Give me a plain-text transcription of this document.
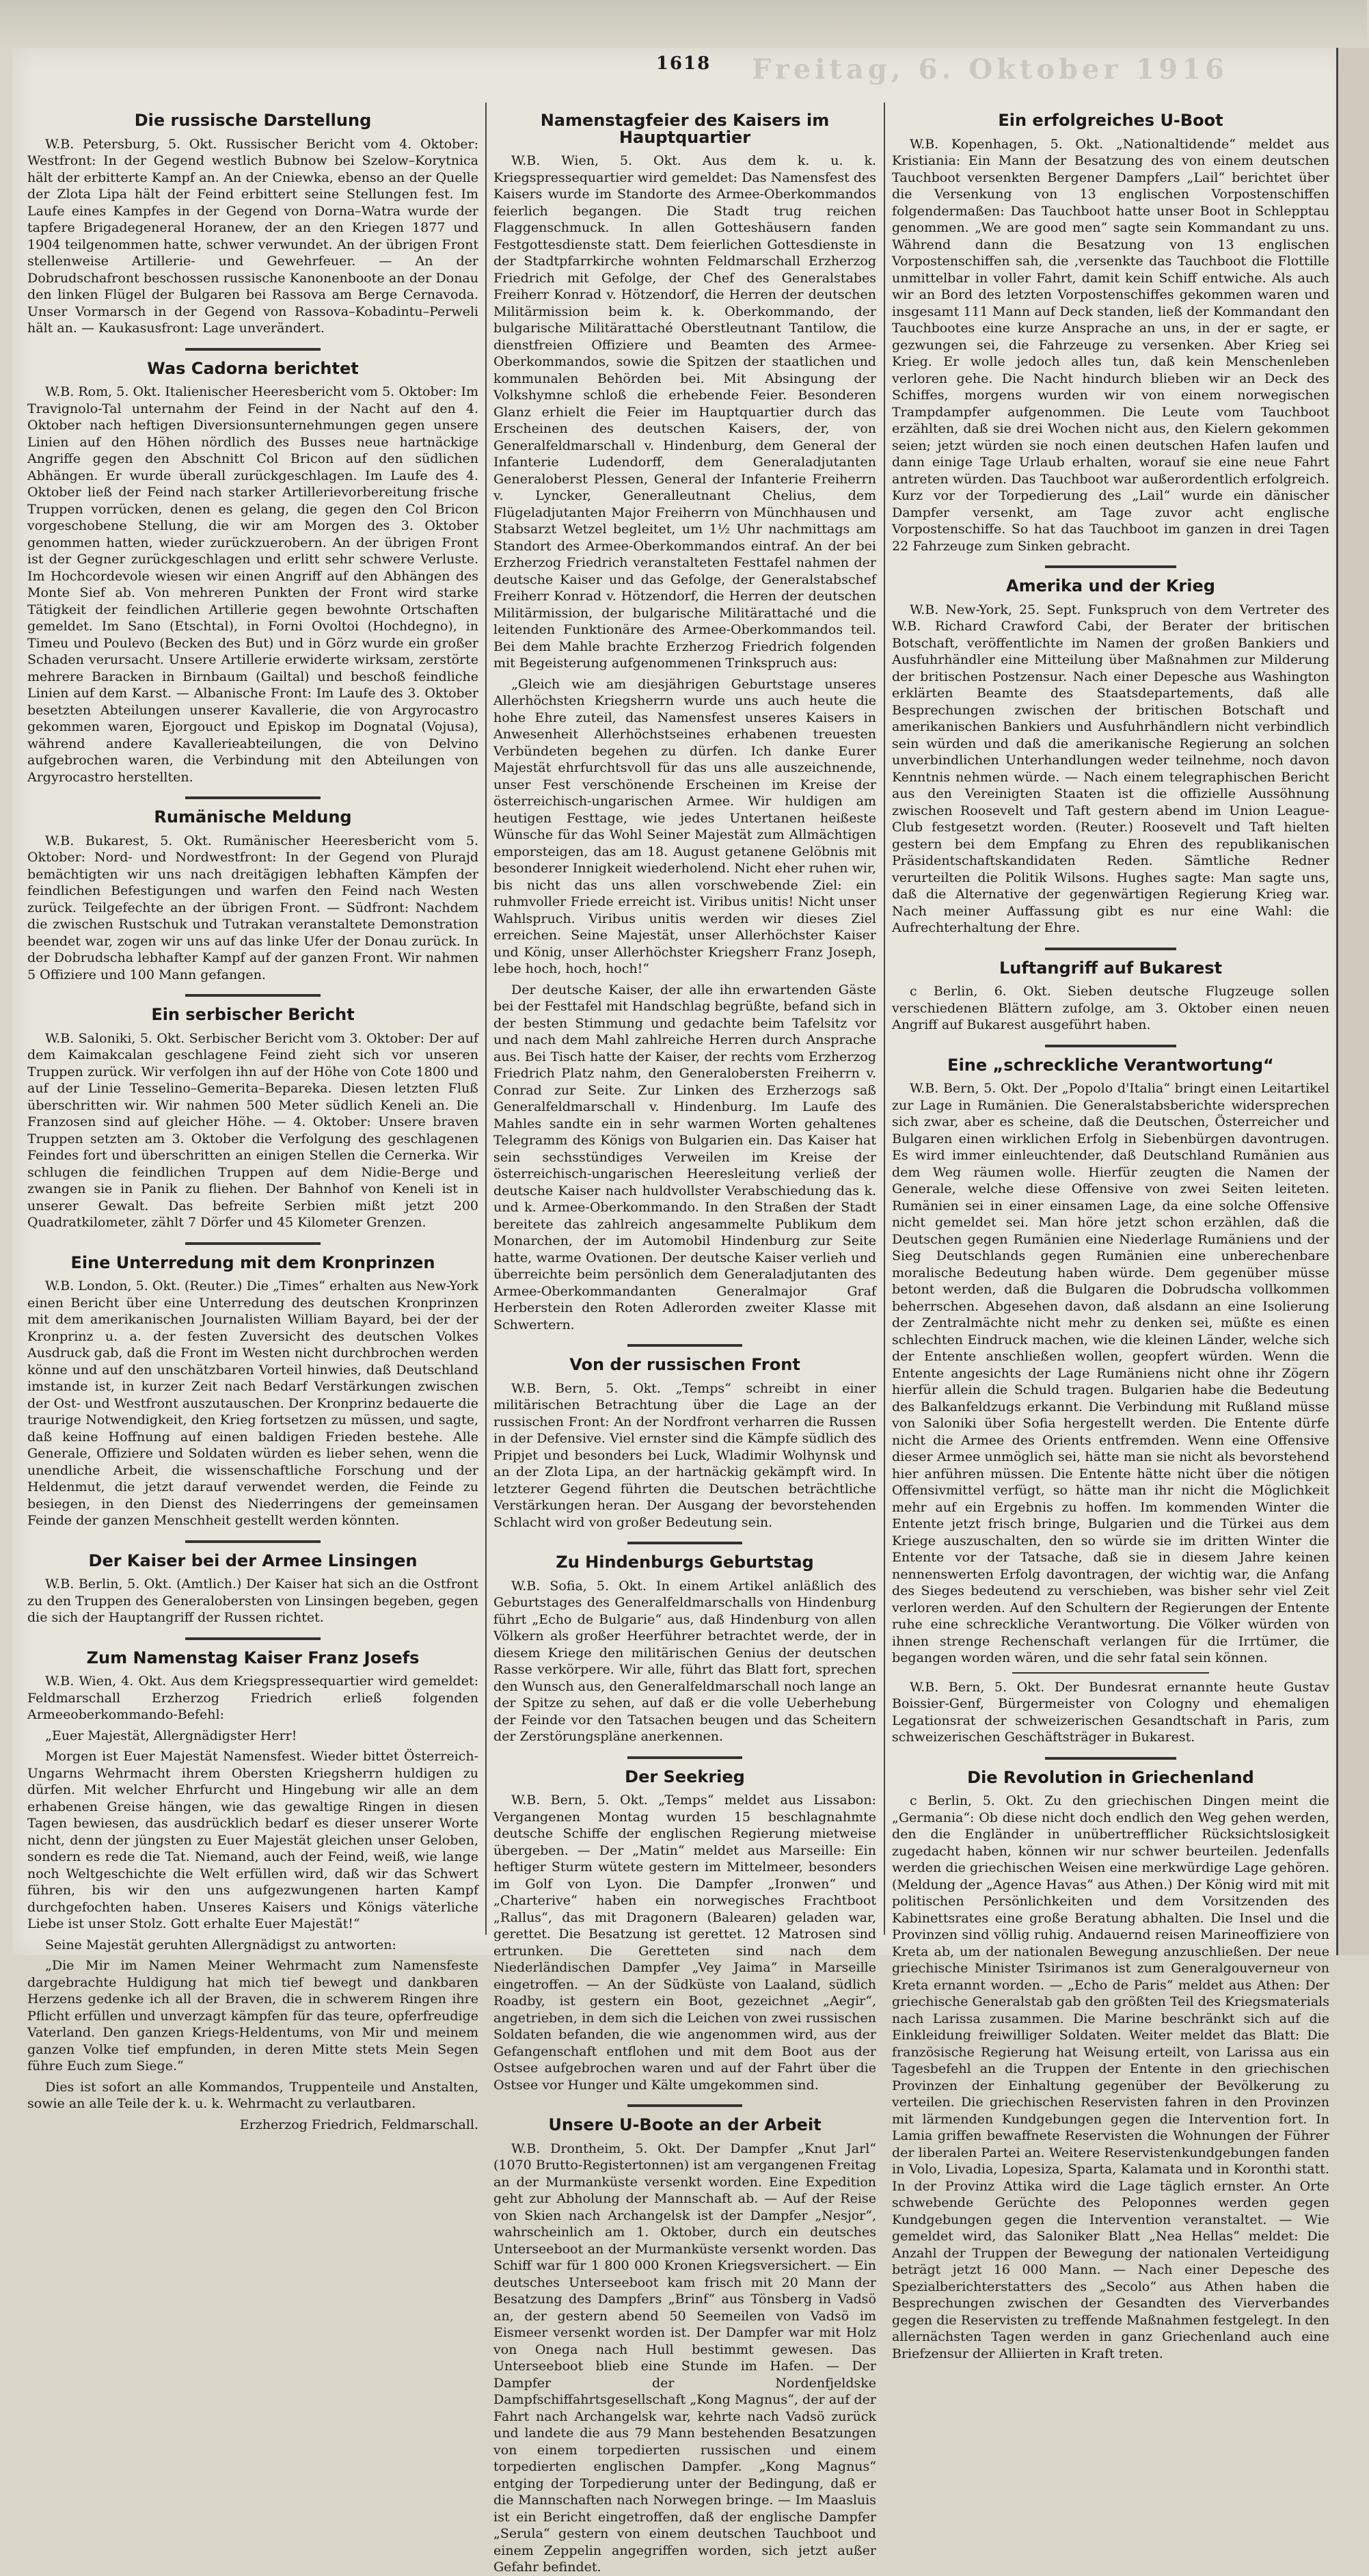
Freitag, 6. Oktober 1916
1618
Die russische Darstellung

W.B. Petersburg, 5. Okt. Russischer Bericht vom 4. Oktober: Westfront: In der Gegend westlich Bubnow bei Szelow–Korytnica hält der erbitterte Kampf an. An der Cniewka, ebenso an der Quelle der Zlota Lipa hält der Feind erbittert seine Stellungen fest. Im Laufe eines Kampfes in der Gegend von Dorna–Watra wurde der tapfere Brigadegeneral Horanew, der an den Kriegen 1877 und 1904 teilgenommen hatte, schwer verwundet. An der übrigen Front stellenweise Artillerie- und Gewehrfeuer. — An der Dobrudschafront beschossen russische Kanonenboote an der Donau den linken Flügel der Bulgaren bei Rassova am Berge Cernavoda. Unser Vormarsch in der Gegend von Rassova–Kobadintu–Perweli hält an. — Kaukasusfront: Lage unverändert.

Was Cadorna berichtet

W.B. Rom, 5. Okt. Italienischer Heeresbericht vom 5. Oktober: Im Travignolo-Tal unternahm der Feind in der Nacht auf den 4. Oktober nach heftigen Diversionsunternehmungen gegen unsere Linien auf den Höhen nördlich des Busses neue hartnäckige Angriffe gegen den Abschnitt Col Bricon auf den südlichen Abhängen. Er wurde überall zurückgeschlagen. Im Laufe des 4. Oktober ließ der Feind nach starker Artillerievorbereitung frische Truppen vorrücken, denen es gelang, die gegen den Col Bricon vorgeschobene Stellung, die wir am Morgen des 3. Oktober genommen hatten, wieder zurückzuerobern. An der übrigen Front ist der Gegner zurückgeschlagen und erlitt sehr schwere Verluste. Im Hochcordevole wiesen wir einen Angriff auf den Abhängen des Monte Sief ab. Von mehreren Punkten der Front wird starke Tätigkeit der feindlichen Artillerie gegen bewohnte Ortschaften gemeldet. Im Sano (Etschtal), in Forni Ovoltoi (Hochdegno), in Timeu und Poulevo (Becken des But) und in Görz wurde ein großer Schaden verursacht. Unsere Artillerie erwiderte wirksam, zerstörte mehrere Baracken in Birnbaum (Gailtal) und beschoß feindliche Linien auf dem Karst. — Albanische Front: Im Laufe des 3. Oktober besetzten Abteilungen unserer Kavallerie, die von Argyrocastro gekommen waren, Ejorgouct und Episkop im Dognatal (Vojusa), während andere Kavallerieabteilungen, die von Delvino aufgebrochen waren, die Verbindung mit den Abteilungen von Argyrocastro herstellten.

Rumänische Meldung

W.B. Bukarest, 5. Okt. Rumänischer Heeresbericht vom 5. Oktober: Nord- und Nordwestfront: In der Gegend von Plurajd bemächtigten wir uns nach dreitägigen lebhaften Kämpfen der feindlichen Befestigungen und warfen den Feind nach Westen zurück. Teilgefechte an der übrigen Front. — Südfront: Nachdem die zwischen Rustschuk und Tutrakan veranstaltete Demonstration beendet war, zogen wir uns auf das linke Ufer der Donau zurück. In der Dobrudscha lebhafter Kampf auf der ganzen Front. Wir nahmen 5 Offiziere und 100 Mann gefangen.

Ein serbischer Bericht

W.B. Saloniki, 5. Okt. Serbischer Bericht vom 3. Oktober: Der auf dem Kaimakcalan geschlagene Feind zieht sich vor unseren Truppen zurück. Wir verfolgen ihn auf der Höhe von Cote 1800 und auf der Linie Tesselino–Gemerita–Bepareka. Diesen letzten Fluß überschritten wir. Wir nahmen 500 Meter südlich Keneli an. Die Franzosen sind auf gleicher Höhe. — 4. Oktober: Unsere braven Truppen setzten am 3. Oktober die Verfolgung des geschlagenen Feindes fort und überschritten an einigen Stellen die Cernerka. Wir schlugen die feindlichen Truppen auf dem Nidie-Berge und zwangen sie in Panik zu fliehen. Der Bahnhof von Keneli ist in unserer Gewalt. Das befreite Serbien mißt jetzt 200 Quadratkilometer, zählt 7 Dörfer und 45 Kilometer Grenzen.

Eine Unterredung mit dem Kronprinzen

W.B. London, 5. Okt. (Reuter.) Die „Times“ erhalten aus New-York einen Bericht über eine Unterredung des deutschen Kronprinzen mit dem amerikanischen Journalisten William Bayard, bei der der Kronprinz u. a. der festen Zuversicht des deutschen Volkes Ausdruck gab, daß die Front im Westen nicht durchbrochen werden könne und auf den unschätzbaren Vorteil hinwies, daß Deutschland imstande ist, in kurzer Zeit nach Bedarf Verstärkungen zwischen der Ost- und Westfront auszutauschen. Der Kronprinz bedauerte die traurige Notwendigkeit, den Krieg fortsetzen zu müssen, und sagte, daß keine Hoffnung auf einen baldigen Frieden bestehe. Alle Generale, Offiziere und Soldaten würden es lieber sehen, wenn die unendliche Arbeit, die wissenschaftliche Forschung und der Heldenmut, die jetzt darauf verwendet werden, die Feinde zu besiegen, in den Dienst des Niederringens der gemeinsamen Feinde der ganzen Menschheit gestellt werden könnten.

Der Kaiser bei der Armee Linsingen

W.B. Berlin, 5. Okt. (Amtlich.) Der Kaiser hat sich an die Ostfront zu den Truppen des Generalobersten von Linsingen begeben, gegen die sich der Hauptangriff der Russen richtet.

Zum Namenstag Kaiser Franz Josefs

W.B. Wien, 4. Okt. Aus dem Kriegspressequartier wird gemeldet: Feldmarschall Erzherzog Friedrich erließ folgenden Armeeoberkommando-Befehl:

„Euer Majestät, Allergnädigster Herr!

Morgen ist Euer Majestät Namensfest. Wieder bittet Österreich-Ungarns Wehrmacht ihrem Obersten Kriegsherrn huldigen zu dürfen. Mit welcher Ehrfurcht und Hingebung wir alle an dem erhabenen Greise hängen, wie das gewaltige Ringen in diesen Tagen bewiesen, das ausdrücklich bedarf es dieser unserer Worte nicht, denn der jüngsten zu Euer Majestät gleichen unser Geloben, sondern es rede die Tat. Niemand, auch der Feind, weiß, wie lange noch Weltgeschichte die Welt erfüllen wird, daß wir das Schwert führen, bis wir den uns aufgezwungenen harten Kampf durchgefochten haben. Unseres Kaisers und Königs väterliche Liebe ist unser Stolz. Gott erhalte Euer Majestät!“

Seine Majestät geruhten Allergnädigst zu antworten:

„Die Mir im Namen Meiner Wehrmacht zum Namensfeste dargebrachte Huldigung hat mich tief bewegt und dankbaren Herzens gedenke ich all der Braven, die in schwerem Ringen ihre Pflicht erfüllen und unverzagt kämpfen für das teure, opferfreudige Vaterland. Den ganzen Kriegs-Heldentums, von Mir und meinem ganzen Volke tief empfunden, in deren Mitte stets Mein Segen führe Euch zum Siege.“

Dies ist sofort an alle Kommandos, Truppenteile und Anstalten, sowie an alle Teile der k. u. k. Wehrmacht zu verlautbaren.

Erzherzog Friedrich, Feldmarschall.

Namenstagfeier des Kaisers im Hauptquartier

W.B. Wien, 5. Okt. Aus dem k. u. k. Kriegspressequartier wird gemeldet: Das Namensfest des Kaisers wurde im Standorte des Armee-Oberkommandos feierlich begangen. Die Stadt trug reichen Flaggenschmuck. In allen Gotteshäusern fanden Festgottesdienste statt. Dem feierlichen Gottesdienste in der Stadtpfarrkirche wohnten Feldmarschall Erzherzog Friedrich mit Gefolge, der Chef des Generalstabes Freiherr Konrad v. Hötzendorf, die Herren der deutschen Militärmission beim k. k. Oberkommando, der bulgarische Militärattaché Oberstleutnant Tantilow, die dienstfreien Offiziere und Beamten des Armee-Oberkommandos, sowie die Spitzen der staatlichen und kommunalen Behörden bei. Mit Absingung der Volkshymne schloß die erhebende Feier. Besonderen Glanz erhielt die Feier im Hauptquartier durch das Erscheinen des deutschen Kaisers, der, von Generalfeldmarschall v. Hindenburg, dem General der Infanterie Ludendorff, dem Generaladjutanten Generaloberst Plessen, General der Infanterie Freiherrn v. Lyncker, Generalleutnant Chelius, dem Flügeladjutanten Major Freiherrn von Münchhausen und Stabsarzt Wetzel begleitet, um 1½ Uhr nachmittags am Standort des Armee-Oberkommandos eintraf. An der bei Erzherzog Friedrich veranstalteten Festtafel nahmen der deutsche Kaiser und das Gefolge, der Generalstabschef Freiherr Konrad v. Hötzendorf, die Herren der deutschen Militärmission, der bulgarische Militärattaché und die leitenden Funktionäre des Armee-Oberkommandos teil. Bei dem Mahle brachte Erzherzog Friedrich folgenden mit Begeisterung aufgenommenen Trinkspruch aus:

„Gleich wie am diesjährigen Geburtstage unseres Allerhöchsten Kriegsherrn wurde uns auch heute die hohe Ehre zuteil, das Namensfest unseres Kaisers in Anwesenheit Allerhöchstseines erhabenen treuesten Verbündeten begehen zu dürfen. Ich danke Eurer Majestät ehrfurchtsvoll für das uns alle auszeichnende, unser Fest verschönende Erscheinen im Kreise der österreichisch-ungarischen Armee. Wir huldigen am heutigen Festtage, wie jedes Untertanen heißeste Wünsche für das Wohl Seiner Majestät zum Allmächtigen emporsteigen, das am 18. August getanene Gelöbnis mit besonderer Innigkeit wiederholend. Nicht eher ruhen wir, bis nicht das uns allen vorschwebende Ziel: ein ruhmvoller Friede erreicht ist. Viribus unitis! Nicht unser Wahlspruch. Viribus unitis werden wir dieses Ziel erreichen. Seine Majestät, unser Allerhöchster Kaiser und König, unser Allerhöchster Kriegsherr Franz Joseph, lebe hoch, hoch, hoch!“

Der deutsche Kaiser, der alle ihn erwartenden Gäste bei der Festtafel mit Handschlag begrüßte, befand sich in der besten Stimmung und gedachte beim Tafelsitz vor und nach dem Mahl zahlreiche Herren durch Ansprache aus. Bei Tisch hatte der Kaiser, der rechts vom Erzherzog Friedrich Platz nahm, den Generalobersten Freiherrn v. Conrad zur Seite. Zur Linken des Erzherzogs saß Generalfeldmarschall v. Hindenburg. Im Laufe des Mahles sandte ein in sehr warmen Worten gehaltenes Telegramm des Königs von Bulgarien ein. Das Kaiser hat sein sechsstündiges Verweilen im Kreise der österreichisch-ungarischen Heeresleitung verließ der deutsche Kaiser nach huldvollster Verabschiedung das k. und k. Armee-Oberkommando. In den Straßen der Stadt bereitete das zahlreich angesammelte Publikum dem Monarchen, der im Automobil Hindenburg zur Seite hatte, warme Ovationen. Der deutsche Kaiser verlieh und überreichte beim persönlich dem Generaladjutanten des Armee-Oberkommandanten Generalmajor Graf Herberstein den Roten Adlerorden zweiter Klasse mit Schwertern.

Von der russischen Front

W.B. Bern, 5. Okt. „Temps“ schreibt in einer militärischen Betrachtung über die Lage an der russischen Front: An der Nordfront verharren die Russen in der Defensive. Viel ernster sind die Kämpfe südlich des Pripjet und besonders bei Luck, Wladimir Wolhynsk und an der Zlota Lipa, an der hartnäckig gekämpft wird. In letzterer Gegend führten die Deutschen beträchtliche Verstärkungen heran. Der Ausgang der bevorstehenden Schlacht wird von großer Bedeutung sein.

Zu Hindenburgs Geburtstag

W.B. Sofia, 5. Okt. In einem Artikel anläßlich des Geburtstages des Generalfeldmarschalls von Hindenburg führt „Echo de Bulgarie“ aus, daß Hindenburg von allen Völkern als großer Heerführer betrachtet werde, der in diesem Kriege den militärischen Genius der deutschen Rasse verkörpere. Wir alle, führt das Blatt fort, sprechen den Wunsch aus, den Generalfeldmarschall noch lange an der Spitze zu sehen, auf daß er die volle Ueberhebung der Feinde vor den Tatsachen beugen und das Scheitern der Zerstörungspläne anerkennen.

Der Seekrieg

W.B. Bern, 5. Okt. „Temps“ meldet aus Lissabon: Vergangenen Montag wurden 15 beschlagnahmte deutsche Schiffe der englischen Regierung mietweise übergeben. — Der „Matin“ meldet aus Marseille: Ein heftiger Sturm wütete gestern im Mittelmeer, besonders im Golf von Lyon. Die Dampfer „Ironwen“ und „Charterive“ haben ein norwegisches Frachtboot „Rallus“, das mit Dragonern (Balearen) geladen war, gerettet. Die Besatzung ist gerettet. 12 Matrosen sind ertrunken. Die Geretteten sind nach dem Niederländischen Dampfer „Vey Jaima“ in Marseille eingetroffen. — An der Südküste von Laaland, südlich Roadby, ist gestern ein Boot, gezeichnet „Aegir“, angetrieben, in dem sich die Leichen von zwei russischen Soldaten befanden, die wie angenommen wird, aus der Gefangenschaft entflohen und mit dem Boot aus der Ostsee aufgebrochen waren und auf der Fahrt über die Ostsee vor Hunger und Kälte umgekommen sind.

Unsere U-Boote an der Arbeit

W.B. Drontheim, 5. Okt. Der Dampfer „Knut Jarl“ (1070 Brutto-Registertonnen) ist am vergangenen Freitag an der Murmanküste versenkt worden. Eine Expedition geht zur Abholung der Mannschaft ab. — Auf der Reise von Skien nach Archangelsk ist der Dampfer „Nesjor“, wahrscheinlich am 1. Oktober, durch ein deutsches Unterseeboot an der Murmanküste versenkt worden. Das Schiff war für 1 800 000 Kronen Kriegsversichert. — Ein deutsches Unterseeboot kam frisch mit 20 Mann der Besatzung des Dampfers „Brinf“ aus Tönsberg in Vadsö an, der gestern abend 50 Seemeilen von Vadsö im Eismeer versenkt worden ist. Der Dampfer war mit Holz von Onega nach Hull bestimmt gewesen. Das Unterseeboot blieb eine Stunde im Hafen. — Der Dampfer der Nordenfjeldske Dampfschiffahrtsgesellschaft „Kong Magnus“, der auf der Fahrt nach Archangelsk war, kehrte nach Vadsö zurück und landete die aus 79 Mann bestehenden Besatzungen von einem torpedierten russischen und einem torpedierten englischen Dampfer. „Kong Magnus“ entging der Torpedierung unter der Bedingung, daß er die Mannschaften nach Norwegen bringe. — Im Maasluis ist ein Bericht eingetroffen, daß der englische Dampfer „Serula“ gestern von einem deutschen Tauchboot und einem Zeppelin angegriffen worden, sich jetzt außer Gefahr befindet.

Ein erfolgreiches U-Boot

W.B. Kopenhagen, 5. Okt. „Nationaltidende“ meldet aus Kristiania: Ein Mann der Besatzung des von einem deutschen Tauchboot versenkten Bergener Dampfers „Lail“ berichtet über die Versenkung von 13 englischen Vorpostenschiffen folgendermaßen: Das Tauchboot hatte unser Boot in Schlepptau genommen. „We are good men“ sagte sein Kommandant zu uns. Während dann die Besatzung von 13 englischen Vorpostenschiffen sah, die ‚versenkte das Tauchboot die Flottille unmittelbar in voller Fahrt, damit kein Schiff entwiche. Als auch wir an Bord des letzten Vorpostenschiffes gekommen waren und insgesamt 111 Mann auf Deck standen, ließ der Kommandant den Tauchbootes eine kurze Ansprache an uns, in der er sagte, er gezwungen sei, die Fahrzeuge zu versenken. Aber Krieg sei Krieg. Er wolle jedoch alles tun, daß kein Menschenleben verloren gehe. Die Nacht hindurch blieben wir an Deck des Schiffes, morgens wurden wir von einem norwegischen Trampdampfer aufgenommen. Die Leute vom Tauchboot erzählten, daß sie drei Wochen nicht aus, den Kielern gekommen seien; jetzt würden sie noch einen deutschen Hafen laufen und dann einige Tage Urlaub erhalten, worauf sie eine neue Fahrt antreten würden. Das Tauchboot war außerordentlich erfolgreich. Kurz vor der Torpedierung des „Lail“ wurde ein dänischer Dampfer versenkt, am Tage zuvor acht englische Vorpostenschiffe. So hat das Tauchboot im ganzen in drei Tagen 22 Fahrzeuge zum Sinken gebracht.

Amerika und der Krieg

W.B. New-York, 25. Sept. Funkspruch von dem Vertreter des W.B. Richard Crawford Cabi, der Berater der britischen Botschaft, veröffentlichte im Namen der großen Bankiers und Ausfuhrhändler eine Mitteilung über Maßnahmen zur Milderung der britischen Postzensur. Nach einer Depesche aus Washington erklärten Beamte des Staatsdepartements, daß alle Besprechungen zwischen der britischen Botschaft und amerikanischen Bankiers und Ausfuhrhändlern nicht verbindlich sein würden und daß die amerikanische Regierung an solchen unverbindlichen Unterhandlungen weder teilnehme, noch davon Kenntnis nehmen würde. — Nach einem telegraphischen Bericht aus den Vereinigten Staaten ist die offizielle Aussöhnung zwischen Roosevelt und Taft gestern abend im Union League-Club festgesetzt worden. (Reuter.) Roosevelt und Taft hielten gestern bei dem Empfang zu Ehren des republikanischen Präsidentschaftskandidaten Reden. Sämtliche Redner verurteilten die Politik Wilsons. Hughes sagte: Man sagte uns, daß die Alternative der gegenwärtigen Regierung Krieg war. Nach meiner Auffassung gibt es nur eine Wahl: die Aufrechterhaltung der Ehre.

Luftangriff auf Bukarest

c Berlin, 6. Okt. Sieben deutsche Flugzeuge sollen verschiedenen Blättern zufolge, am 3. Oktober einen neuen Angriff auf Bukarest ausgeführt haben.

Eine „schreckliche Verantwortung“

W.B. Bern, 5. Okt. Der „Popolo d'Italia“ bringt einen Leitartikel zur Lage in Rumänien. Die Generalstabsberichte widersprechen sich zwar, aber es scheine, daß die Deutschen, Österreicher und Bulgaren einen wirklichen Erfolg in Siebenbürgen davontrugen. Es wird immer einleuchtender, daß Deutschland Rumänien aus dem Weg räumen wolle. Hierfür zeugten die Namen der Generale, welche diese Offensive von zwei Seiten leiteten. Rumänien sei in einer einsamen Lage, da eine solche Offensive nicht gemeldet sei. Man höre jetzt schon erzählen, daß die Deutschen gegen Rumänien eine Niederlage Rumäniens und der Sieg Deutschlands gegen Rumänien eine unberechenbare moralische Bedeutung haben würde. Dem gegenüber müsse betont werden, daß die Bulgaren die Dobrudscha vollkommen beherrschen. Abgesehen davon, daß alsdann an eine Isolierung der Zentralmächte nicht mehr zu denken sei, müßte es einen schlechten Eindruck machen, wie die kleinen Länder, welche sich der Entente anschließen wollen, geopfert würden. Wenn die Entente angesichts der Lage Rumäniens nicht ohne ihr Zögern hierfür allein die Schuld tragen. Bulgarien habe die Bedeutung des Balkanfeldzugs erkannt. Die Verbindung mit Rußland müsse von Saloniki über Sofia hergestellt werden. Die Entente dürfe nicht die Armee des Orients entfremden. Wenn eine Offensive dieser Armee unmöglich sei, hätte man sie nicht als bevorstehend hier anführen müssen. Die Entente hätte nicht über die nötigen Offensivmittel verfügt, so hätte man ihr nicht die Möglichkeit mehr auf ein Ergebnis zu hoffen. Im kommenden Winter die Entente jetzt frisch bringe, Bulgarien und die Türkei aus dem Kriege auszuschalten, den so würde sie im dritten Winter die Entente vor der Tatsache, daß sie in diesem Jahre keinen nennenswerten Erfolg davontragen, der wichtig war, die Anfang des Sieges bedeutend zu verschieben, was bisher sehr viel Zeit verloren werden. Auf den Schultern der Regierungen der Entente ruhe eine schreckliche Verantwortung. Die Völker würden von ihnen strenge Rechenschaft verlangen für die Irrtümer, die begangen worden wären, und die sehr fatal sein können.

W.B. Bern, 5. Okt. Der Bundesrat ernannte heute Gustav Boissier-Genf, Bürgermeister von Cologny und ehemaligen Legationsrat der schweizerischen Gesandtschaft in Paris, zum schweizerischen Geschäftsträger in Bukarest.

Die Revolution in Griechenland

c Berlin, 5. Okt. Zu den griechischen Dingen meint die „Germania“: Ob diese nicht doch endlich den Weg gehen werden, den die Engländer in unübertrefflicher Rücksichtslosigkeit zugedacht haben, können wir nur schwer beurteilen. Jedenfalls werden die griechischen Weisen eine merkwürdige Lage gehören. (Meldung der „Agence Havas“ aus Athen.) Der König wird mit mit politischen Persönlichkeiten und dem Vorsitzenden des Kabinettsrates eine große Beratung abhalten. Die Insel und die Provinzen sind völlig ruhig. Andauernd reisen Marineoffiziere von Kreta ab, um der nationalen Bewegung anzuschließen. Der neue griechische Minister Tsirimanos ist zum Generalgouverneur von Kreta ernannt worden. — „Echo de Paris“ meldet aus Athen: Der griechische Generalstab gab den größten Teil des Kriegsmaterials nach Larissa zusammen. Die Marine beschränkt sich auf die Einkleidung freiwilliger Soldaten. Weiter meldet das Blatt: Die französische Regierung hat Weisung erteilt, von Larissa aus ein Tagesbefehl an die Truppen der Entente in den griechischen Provinzen der Einhaltung gegenüber der Bevölkerung zu verteilen. Die griechischen Reservisten fahren in den Provinzen mit lärmenden Kundgebungen gegen die Intervention fort. In Lamia griffen bewaffnete Reservisten die Wohnungen der Führer der liberalen Partei an. Weitere Reservistenkundgebungen fanden in Volo, Livadia, Lopesiza, Sparta, Kalamata und in Koronthi statt. In der Provinz Attika wird die Lage täglich ernster. An Orte schwebende Gerüchte des Peloponnes werden gegen Kundgebungen gegen die Intervention veranstaltet. — Wie gemeldet wird, das Saloniker Blatt „Nea Hellas“ meldet: Die Anzahl der Truppen der Bewegung der nationalen Verteidigung beträgt jetzt 16 000 Mann. — Nach einer Depesche des Spezialberichterstatters des „Secolo“ aus Athen haben die Besprechungen zwischen der Gesandten des Vierverbandes gegen die Reservisten zu treffende Maßnahmen festgelegt. In den allernächsten Tagen werden in ganz Griechenland auch eine Briefzensur der Alliierten in Kraft treten.
